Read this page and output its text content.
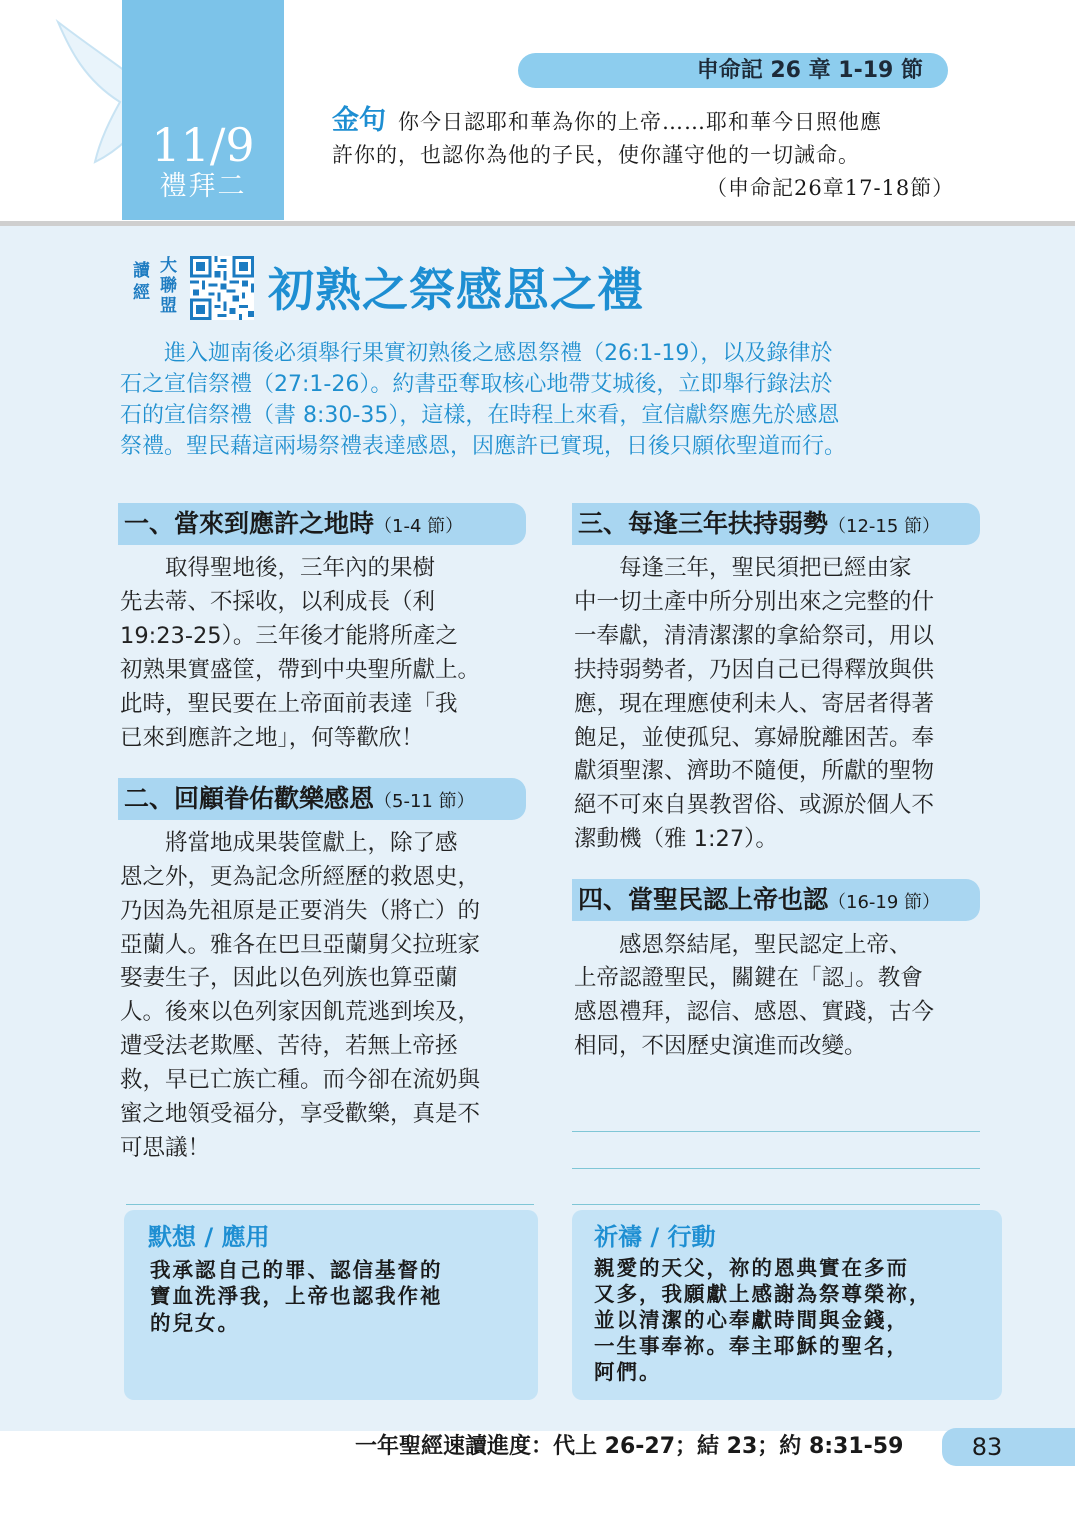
11/9
禮拜二
申命記 26 章 1-19 節
金句 你今日認耶和華為你的上帝……耶和華今日照他應
許你的，也認你為他的子民，使你謹守他的一切誡命。
（申命記26章17-18節）
讀經
大聯盟 初熟之祭感恩之禮
　　進入迦南後必須舉行果實初熟後之感恩祭禮（26:1-19），以及錄律於
石之宣信祭禮（27:1-26）。約書亞奪取核心地帶艾城後，立即舉行錄法於
石的宣信祭禮（書 8:30-35），這樣，在時程上來看，宣信獻祭應先於感恩
祭禮。聖民藉這兩場祭禮表達感恩，因應許已實現，日後只願依聖道而行。
一、當來到應許之地時（1-4 節）
　　取得聖地後，三年內的果樹
先去蒂、不採收，以利成長（利
19:23-25）。三年後才能將所產之
初熟果實盛筐，帶到中央聖所獻上。
此時，聖民要在上帝面前表達「我
已來到應許之地」，何等歡欣！
二、回顧眷佑歡樂感恩（5-11 節）
　　將當地成果裝筐獻上，除了感
恩之外，更為記念所經歷的救恩史，
乃因為先祖原是正要消失（將亡）的
亞蘭人。雅各在巴旦亞蘭舅父拉班家
娶妻生子，因此以色列族也算亞蘭
人。後來以色列家因飢荒逃到埃及，
遭受法老欺壓、苦待，若無上帝拯
救，早已亡族亡種。而今卻在流奶與
蜜之地領受福分，享受歡樂，真是不
可思議！
三、每逢三年扶持弱勢（12-15 節）
　　每逢三年，聖民須把已經由家
中一切土產中所分別出來之完整的什
一奉獻，清清潔潔的拿給祭司，用以
扶持弱勢者，乃因自己已得釋放與供
應，現在理應使利未人、寄居者得著
飽足，並使孤兒、寡婦脫離困苦。奉
獻須聖潔、濟助不隨便，所獻的聖物
絕不可來自異教習俗、或源於個人不
潔動機（雅 1:27）。
四、當聖民認上帝也認（16-19 節）
　　感恩祭結尾，聖民認定上帝、
上帝認證聖民，關鍵在「認」。教會
感恩禮拜，認信、感恩、實踐，古今
相同，不因歷史演進而改變。
默想 / 應用
我承認自己的罪、認信基督的
寶血洗淨我，上帝也認我作祂
的兒女。
祈禱 / 行動
親愛的天父，祢的恩典實在多而
又多，我願獻上感謝為祭尊榮祢，
並以清潔的心奉獻時間與金錢，
一生事奉祢。奉主耶穌的聖名，
阿們。
一年聖經速讀進度：代上 26-27；結 23；約 8:31-59	83
